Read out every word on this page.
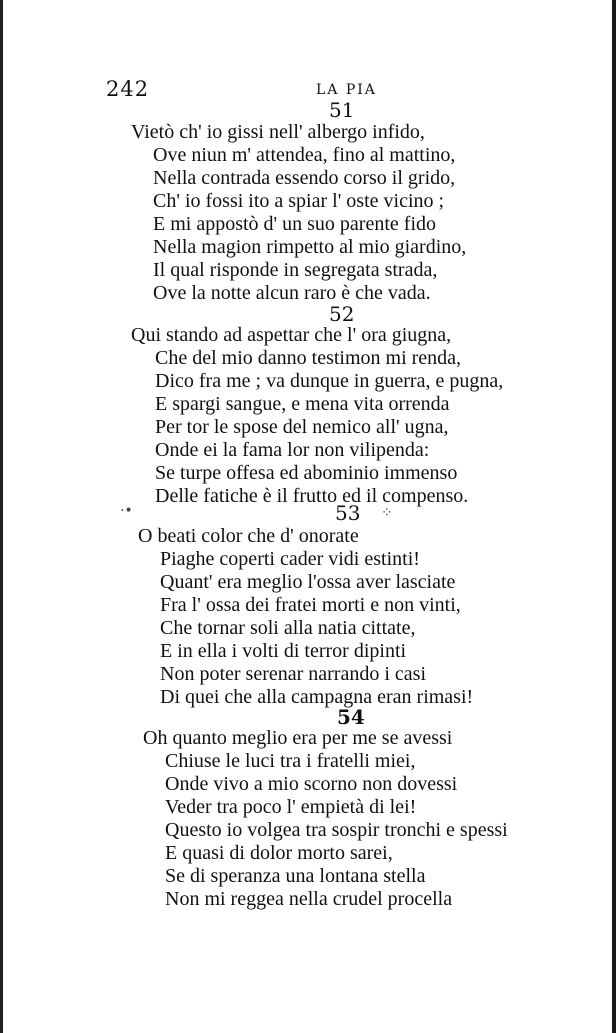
242	LA PIA
51
Vietò ch' io gissi nell' albergo infido,
Ove niun m' attendea, fino al mattino,
Nella contrada essendo corso il grido,
Ch' io fossi ito a spiar l' oste vicino ;
E mi appostò d' un suo parente fido
Nella magion rimpetto al mio giardino,
Il qual risponde in segregata strada,
Ove la notte alcun raro è che vada.
52
Qui stando ad aspettar che l' ora giugna,
Che del mio danno testimon mi renda,
Dico fra me ; va dunque in guerra, e pugna,
E spargi sangue, e mena vita orrenda
Per tor le spose del nemico all' ugna,
Onde ei la fama lor non vilipenda:
Se turpe offesa ed abominio immenso
Delle fatiche è il frutto ed il compenso.
·•	53 ⁘
O beati color che d' onorate
Piaghe coperti cader vidi estinti!
Quant' era meglio l'ossa aver lasciate
Fra l' ossa dei fratei morti e non vinti,
Che tornar soli alla natia cittate,
E in ella i volti di terror dipinti
Non poter serenar narrando i casi
Di quei che alla campagna eran rimasi!
54
Oh quanto meglio era per me se avessi
Chiuse le luci tra i fratelli miei,
Onde vivo a mio scorno non dovessi
Veder tra poco l' empietà di lei!
Questo io volgea tra sospir tronchi e spessi
E quasi di dolor morto sarei,
Se di speranza una lontana stella
Non mi reggea nella crudel procella
